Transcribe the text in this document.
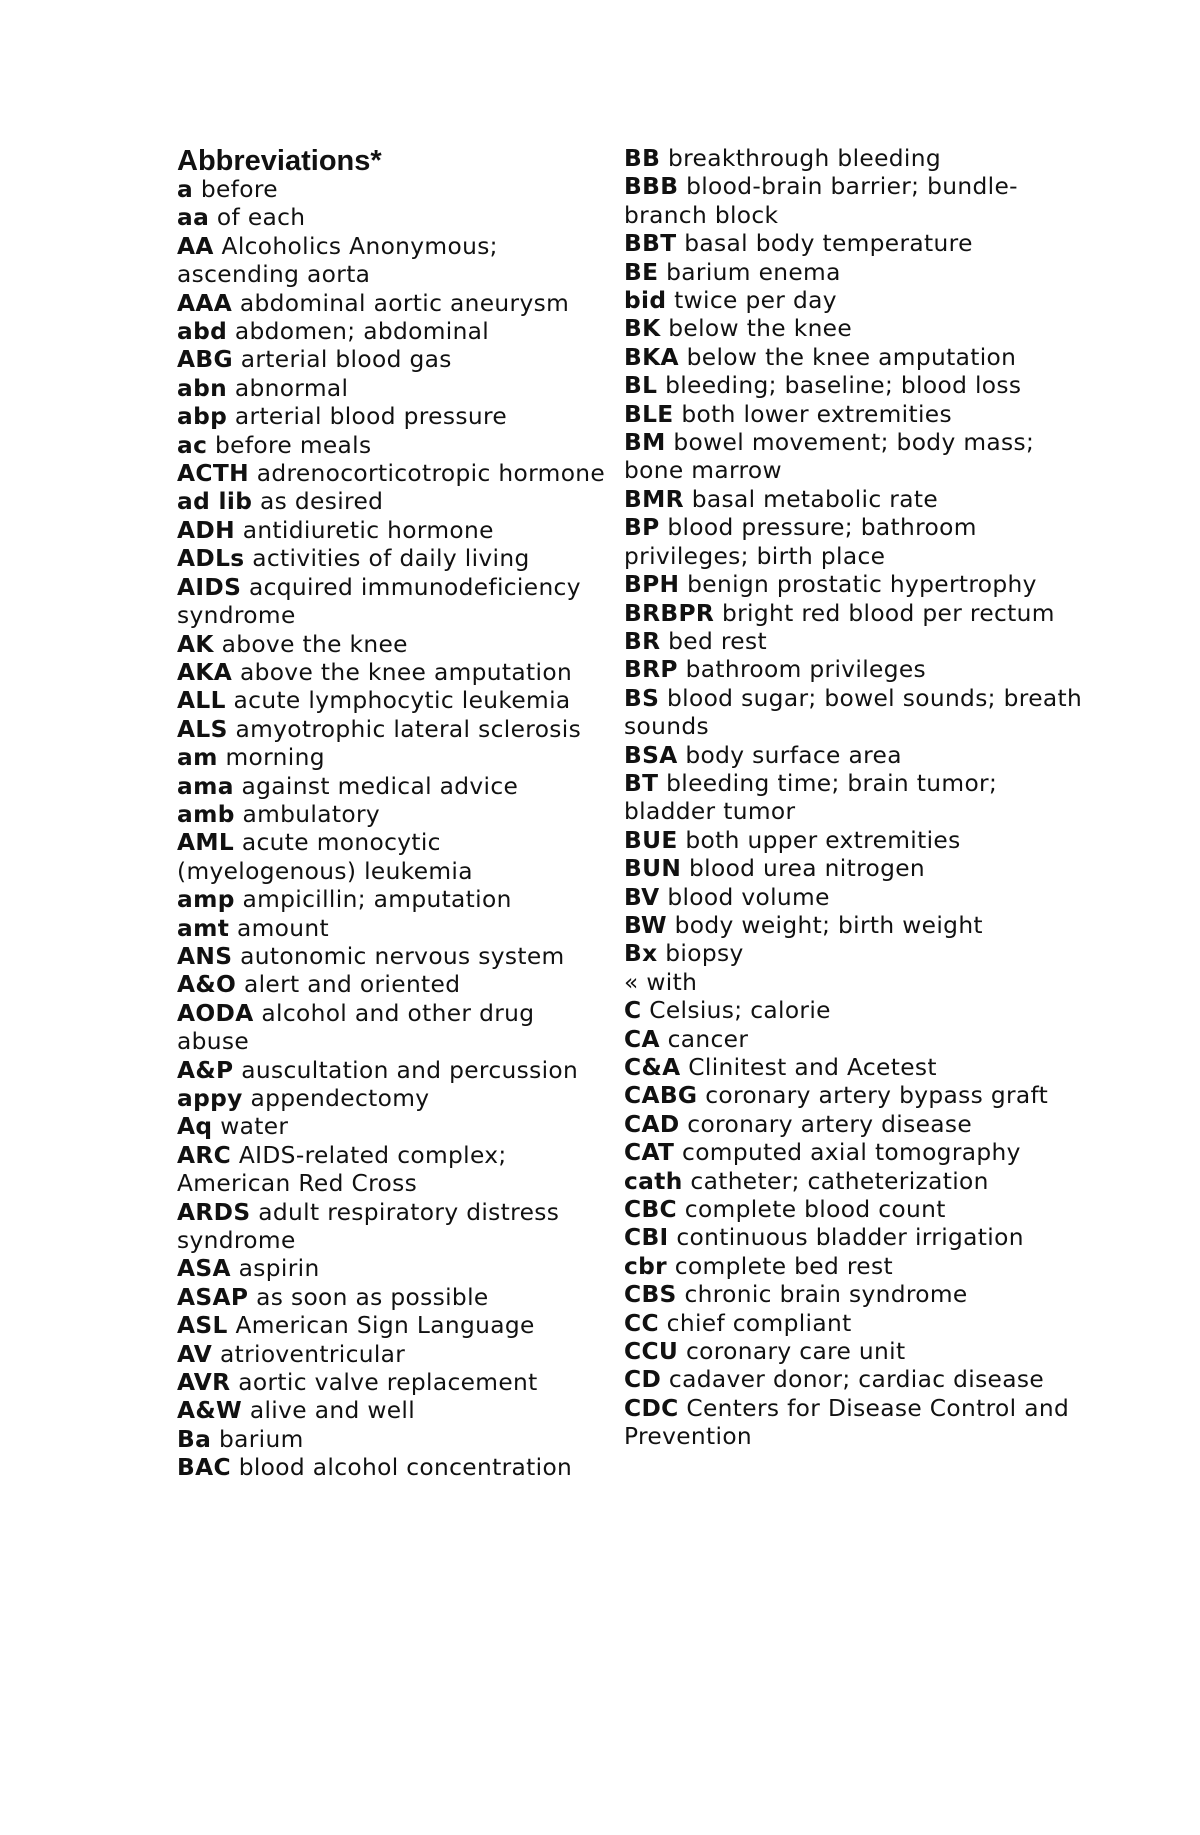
Abbreviations*

a before

aa of each

AA Alcoholics Anonymous; ascending aorta

AAA abdominal aortic aneurysm

abd abdomen; abdominal

ABG arterial blood gas

abn abnormal

abp arterial blood pressure

ac before meals

ACTH adrenocorticotropic hormone

ad lib as desired

ADH antidiuretic hormone

ADLs activities of daily living

AIDS acquired immunodeficiency syndrome

AK above the knee

AKA above the knee amputation

ALL acute lymphocytic leukemia

ALS amyotrophic lateral sclerosis

am morning

ama against medical advice

amb ambulatory

AML acute monocytic (myelogenous) leukemia

amp ampicillin; amputation

amt amount

ANS autonomic nervous system

A&O alert and oriented

AODA alcohol and other drug abuse

A&P auscultation and percussion

appy appendectomy

Aq water

ARC AIDS-related complex; American Red Cross

ARDS adult respiratory distress syndrome

ASA aspirin

ASAP as soon as possible

ASL American Sign Language

AV atrioventricular

AVR aortic valve replacement

A&W alive and well

Ba barium

BAC blood alcohol concentration

BB breakthrough bleeding

BBB blood-brain barrier; bundle-branch block

BBT basal body temperature

BE barium enema

bid twice per day

BK below the knee

BKA below the knee amputation

BL bleeding; baseline; blood loss

BLE both lower extremities

BM bowel movement; body mass; bone marrow

BMR basal metabolic rate

BP blood pressure; bathroom privileges; birth place

BPH benign prostatic hypertrophy

BRBPR bright red blood per rectum

BR bed rest

BRP bathroom privileges

BS blood sugar; bowel sounds; breath sounds

BSA body surface area

BT bleeding time; brain tumor; bladder tumor

BUE both upper extremities

BUN blood urea nitrogen

BV blood volume

BW body weight; birth weight

Bx biopsy

« with

C Celsius; calorie

CA cancer

C&A Clinitest and Acetest

CABG coronary artery bypass graft

CAD coronary artery disease

CAT computed axial tomography

cath catheter; catheterization

CBC complete blood count

CBI continuous bladder irrigation

cbr complete bed rest

CBS chronic brain syndrome

CC chief compliant

CCU coronary care unit

CD cadaver donor; cardiac disease

CDC Centers for Disease Control and Prevention
